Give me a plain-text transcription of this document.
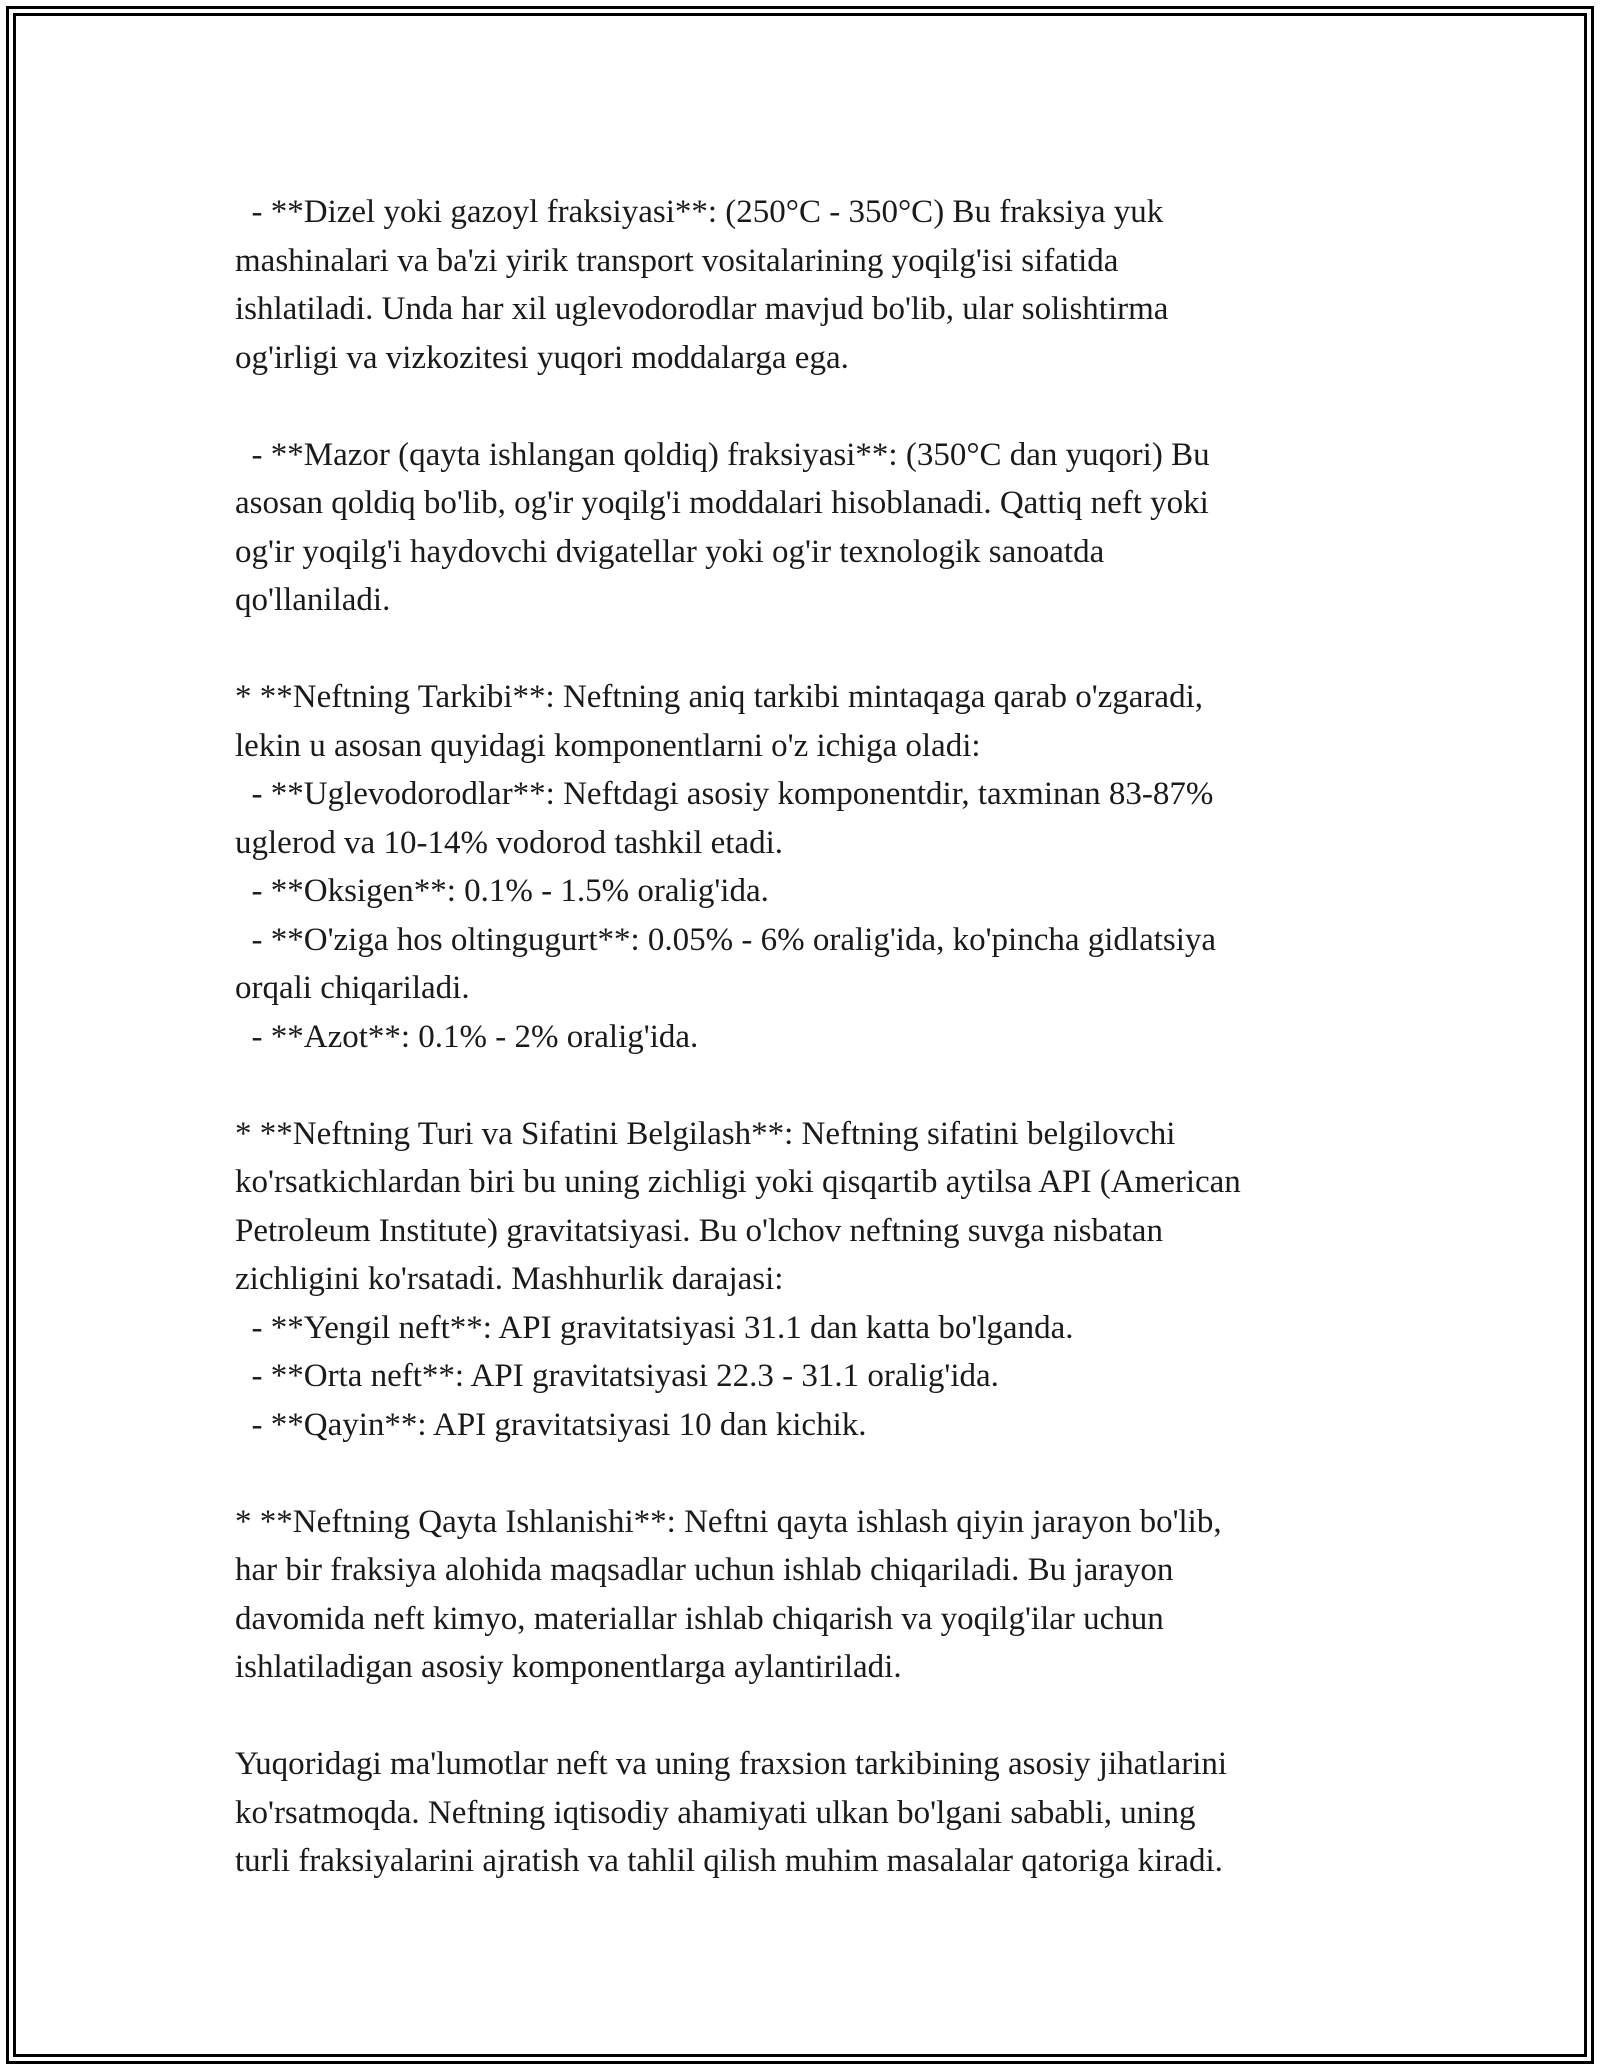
- **Dizel yoki gazoyl fraksiyasi**: (250°C - 350°C) Bu fraksiya yuk
mashinalari va ba'zi yirik transport vositalarining yoqilg'isi sifatida
ishlatiladi. Unda har xil uglevodorodlar mavjud bo'lib, ular solishtirma
og'irligi va vizkozitesi yuqori moddalarga ega.
- **Mazor (qayta ishlangan qoldiq) fraksiyasi**: (350°C dan yuqori) Bu
asosan qoldiq bo'lib, og'ir yoqilg'i moddalari hisoblanadi. Qattiq neft yoki
og'ir yoqilg'i haydovchi dvigatellar yoki og'ir texnologik sanoatda
qo'llaniladi.
* **Neftning Tarkibi**: Neftning aniq tarkibi mintaqaga qarab o'zgaradi,
lekin u asosan quyidagi komponentlarni o'z ichiga oladi:
- **Uglevodorodlar**: Neftdagi asosiy komponentdir, taxminan 83-87%
uglerod va 10-14% vodorod tashkil etadi.
- **Oksigen**: 0.1% - 1.5% oralig'ida.
- **O'ziga hos oltingugurt**: 0.05% - 6% oralig'ida, ko'pincha gidlatsiya
orqali chiqariladi.
- **Azot**: 0.1% - 2% oralig'ida.
* **Neftning Turi va Sifatini Belgilash**: Neftning sifatini belgilovchi
ko'rsatkichlardan biri bu uning zichligi yoki qisqartib aytilsa API (American
Petroleum Institute) gravitatsiyasi. Bu o'lchov neftning suvga nisbatan
zichligini ko'rsatadi. Mashhurlik darajasi:
- **Yengil neft**: API gravitatsiyasi 31.1 dan katta bo'lganda.
- **Orta neft**: API gravitatsiyasi 22.3 - 31.1 oralig'ida.
- **Qayin**: API gravitatsiyasi 10 dan kichik.
* **Neftning Qayta Ishlanishi**: Neftni qayta ishlash qiyin jarayon bo'lib,
har bir fraksiya alohida maqsadlar uchun ishlab chiqariladi. Bu jarayon
davomida neft kimyo, materiallar ishlab chiqarish va yoqilg'ilar uchun
ishlatiladigan asosiy komponentlarga aylantiriladi.
Yuqoridagi ma'lumotlar neft va uning fraxsion tarkibining asosiy jihatlarini
ko'rsatmoqda. Neftning iqtisodiy ahamiyati ulkan bo'lgani sababli, uning
turli fraksiyalarini ajratish va tahlil qilish muhim masalalar qatoriga kiradi.
